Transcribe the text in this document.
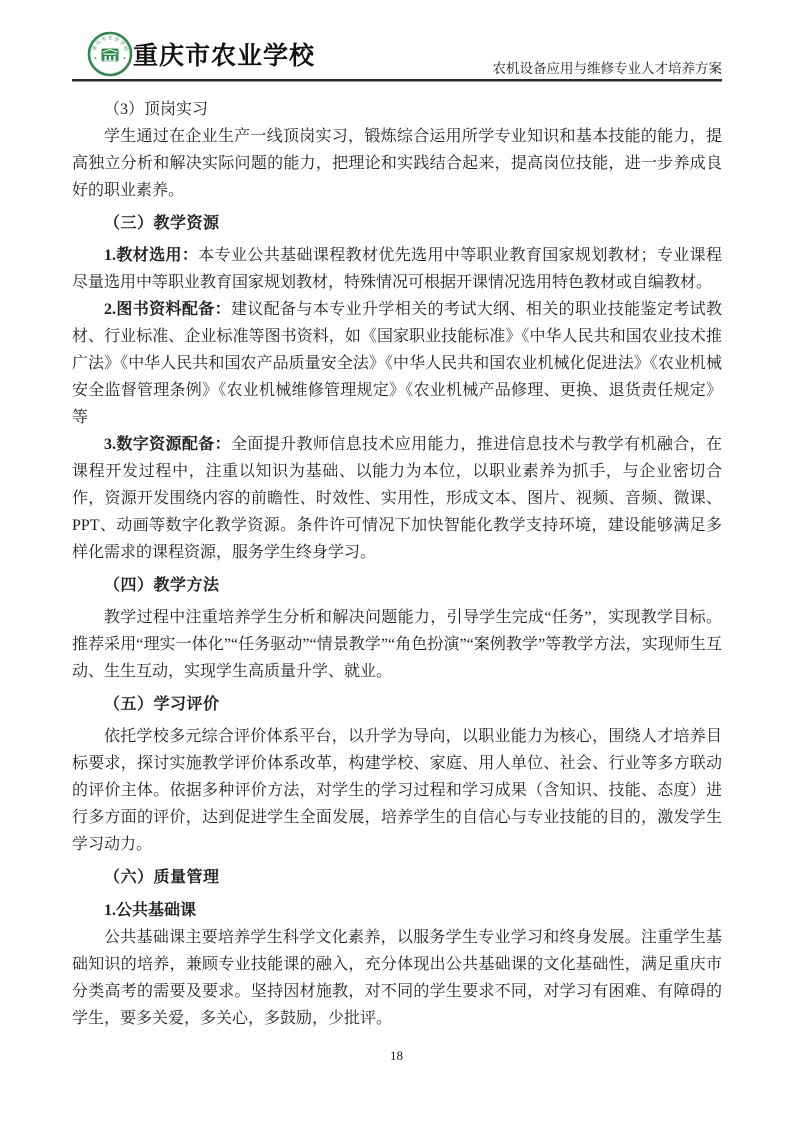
重庆市农业学校 重庆市农业学校	农机设备应用与维修专业人才培养方案

（3）顶岗实习

学生通过在企业生产一线顶岗实习，锻炼综合运用所学专业知识和基本技能的能力，提高独立分析和解决实际问题的能力，把理论和实践结合起来，提高岗位技能，进一步养成良好的职业素养。

（三）教学资源

1.教材选用：本专业公共基础课程教材优先选用中等职业教育国家规划教材；专业课程尽量选用中等职业教育国家规划教材，特殊情况可根据开课情况选用特色教材或自编教材。

2.图书资料配备：建议配备与本专业升学相关的考试大纲、相关的职业技能鉴定考试教材、行业标准、企业标准等图书资料，如《国家职业技能标准》《中华人民共和国农业技术推广法》《中华人民共和国农产品质量安全法》《中华人民共和国农业机械化促进法》《农业机械安全监督管理条例》《农业机械维修管理规定》《农业机械产品修理、更换、退货责任规定》等

3.数字资源配备：全面提升教师信息技术应用能力，推进信息技术与教学有机融合，在课程开发过程中，注重以知识为基础、以能力为本位，以职业素养为抓手，与企业密切合作，资源开发围绕内容的前瞻性、时效性、实用性，形成文本、图片、视频、音频、微课、PPT、动画等数字化教学资源。条件许可情况下加快智能化教学支持环境，建设能够满足多样化需求的课程资源，服务学生终身学习。

（四）教学方法

教学过程中注重培养学生分析和解决问题能力，引导学生完成“任务”，实现教学目标。推荐采用“理实一体化”“任务驱动”“情景教学”“角色扮演”“案例教学”等教学方法，实现师生互动、生生互动，实现学生高质量升学、就业。

（五）学习评价

依托学校多元综合评价体系平台，以升学为导向，以职业能力为核心，围绕人才培养目标要求，探讨实施教学评价体系改革，构建学校、家庭、用人单位、社会、行业等多方联动的评价主体。依据多种评价方法，对学生的学习过程和学习成果（含知识、技能、态度）进行多方面的评价，达到促进学生全面发展，培养学生的自信心与专业技能的目的，激发学生学习动力。

（六）质量管理

1.公共基础课

公共基础课主要培养学生科学文化素养，以服务学生专业学习和终身发展。注重学生基础知识的培养，兼顾专业技能课的融入，充分体现出公共基础课的文化基础性，满足重庆市分类高考的需要及要求。坚持因材施教，对不同的学生要求不同，对学习有困难、有障碍的学生，要多关爱，多关心，多鼓励，少批评。

18
